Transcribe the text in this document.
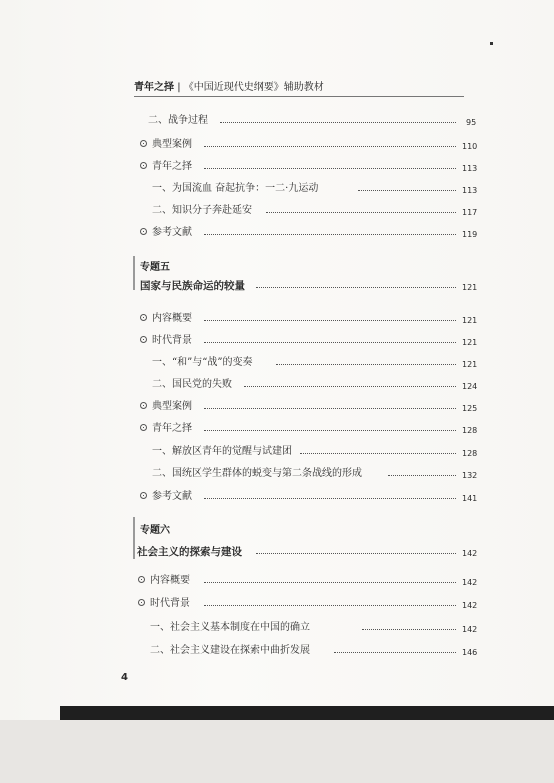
青年之择 | 《中国近现代史纲要》辅助教材
二、战争过程	95
典型案例	110
青年之择	113
一、为国流血 奋起抗争：一二·九运动	113
二、知识分子奔赴延安	117
参考文献	119
专题五
国家与民族命运的较量	121
内容概要	121
时代背景	121
一、“和”与“战”的变奏	121
二、国民党的失败	124
典型案例	125
青年之择	128
一、解放区青年的觉醒与试建团	128
二、国统区学生群体的蜕变与第二条战线的形成	132
参考文献	141
专题六
社会主义的探索与建设	142
内容概要	142
时代背景	142
一、社会主义基本制度在中国的确立	142
二、社会主义建设在探索中曲折发展	146
4
